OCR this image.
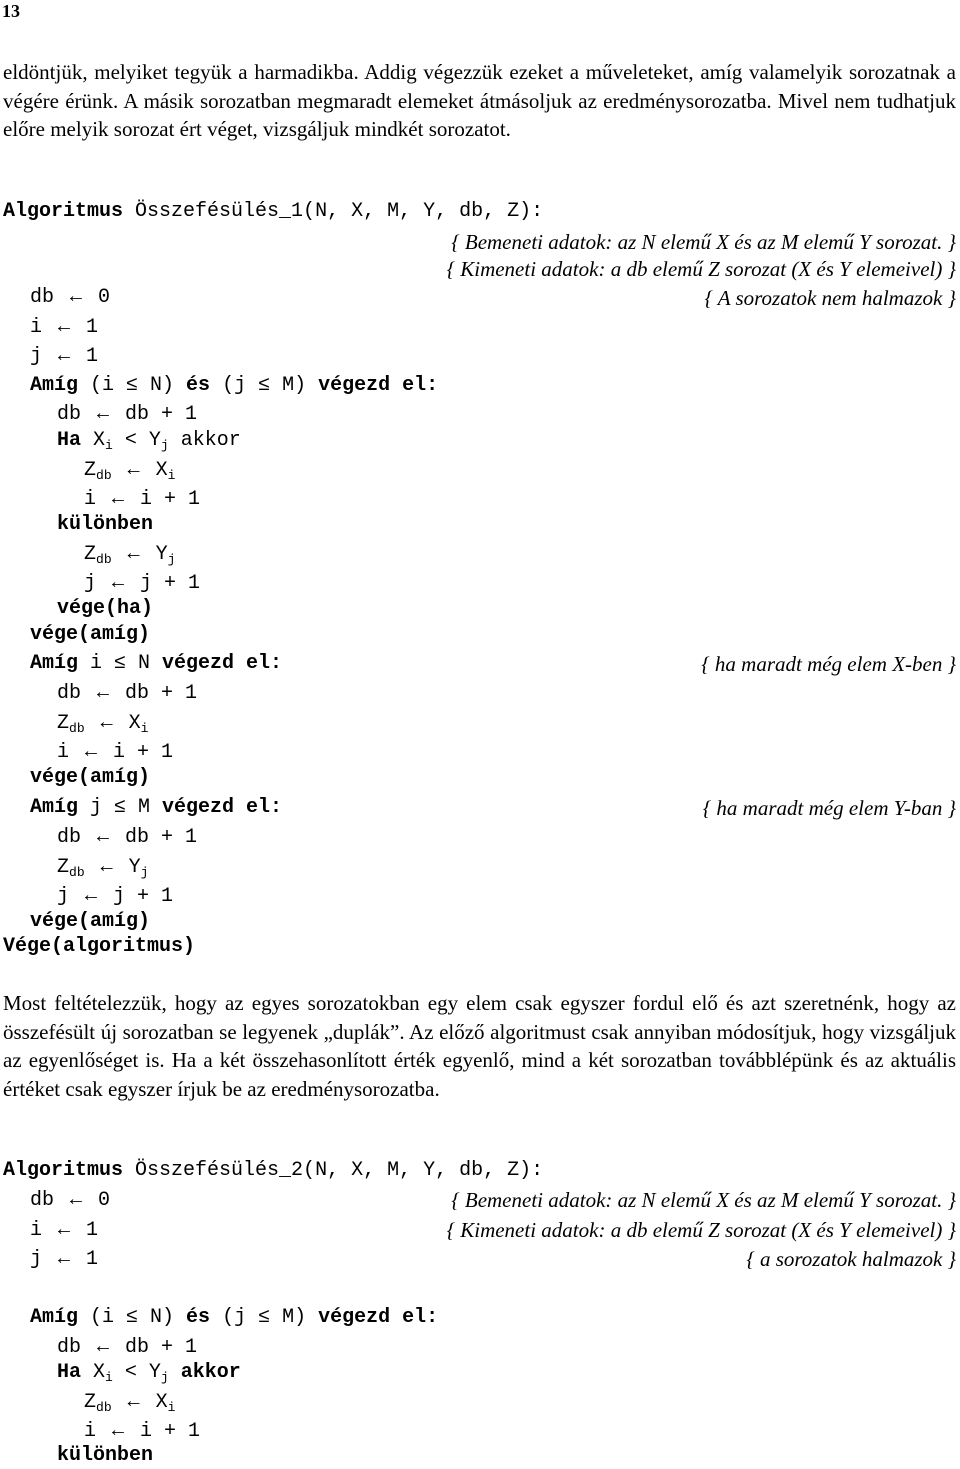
13

eldöntjük, melyiket tegyük a harmadikba. Addig végezzük ezeket a műveleteket, amíg valamelyik sorozatnak a végére érünk. A másik sorozatban megmaradt elemeket átmásoljuk az eredménysorozatba. Mivel nem tudhatjuk előre melyik sorozat ért véget, vizsgáljuk mindkét sorozatot.

Algoritmus Összefésülés_1(N, X, M, Y, db, Z):
{ Bemeneti adatok: az N elemű X és az M elemű Y sorozat. }
{ Kimeneti adatok: a db elemű Z sorozat (X és Y elemeivel) }
db ← 0	{ A sorozatok nem halmazok }
i ← 1
j ← 1
Amíg (i ≤ N) és (j ≤ M) végezd el:
db ← db + 1
Ha $X_i < Y_j$ akkor
$Z_{db}$ ← $X_i$
i ← i + 1
különben
$Z_{db}$ ← $Y_j$
j ← j + 1
vége(ha)
vége(amíg)
Amíg i ≤ N végezd el:	{ ha maradt még elem X-ben }
db ← db + 1
$Z_{db}$ ← $X_i$
i ← i + 1
vége(amíg)
Amíg j ≤ M végezd el:	{ ha maradt még elem Y-ban }
db ← db + 1
$Z_{db}$ ← $Y_j$
j ← j + 1
vége(amíg)
Vége(algoritmus)

Most feltételezzük, hogy az egyes sorozatokban egy elem csak egyszer fordul elő és azt szeretnénk, hogy az összefésült új sorozatban se legyenek „duplák”. Az előző algoritmust csak annyiban módosítjuk, hogy vizsgáljuk az egyenlőséget is. Ha a két összehasonlított érték egyenlő, mind a két sorozatban továbblépünk és az aktuális értéket csak egyszer írjuk be az eredménysorozatba.

Algoritmus Összefésülés_2(N, X, M, Y, db, Z):
db ← 0	{ Bemeneti adatok: az N elemű X és az M elemű Y sorozat. }
i ← 1	{ Kimeneti adatok: a db elemű Z sorozat (X és Y elemeivel) }
j ← 1	{ a sorozatok halmazok }
Amíg (i ≤ N) és (j ≤ M) végezd el:
db ← db + 1
Ha $X_i < Y_j$ akkor
$Z_{db}$ ← $X_i$
i ← i + 1
különben
